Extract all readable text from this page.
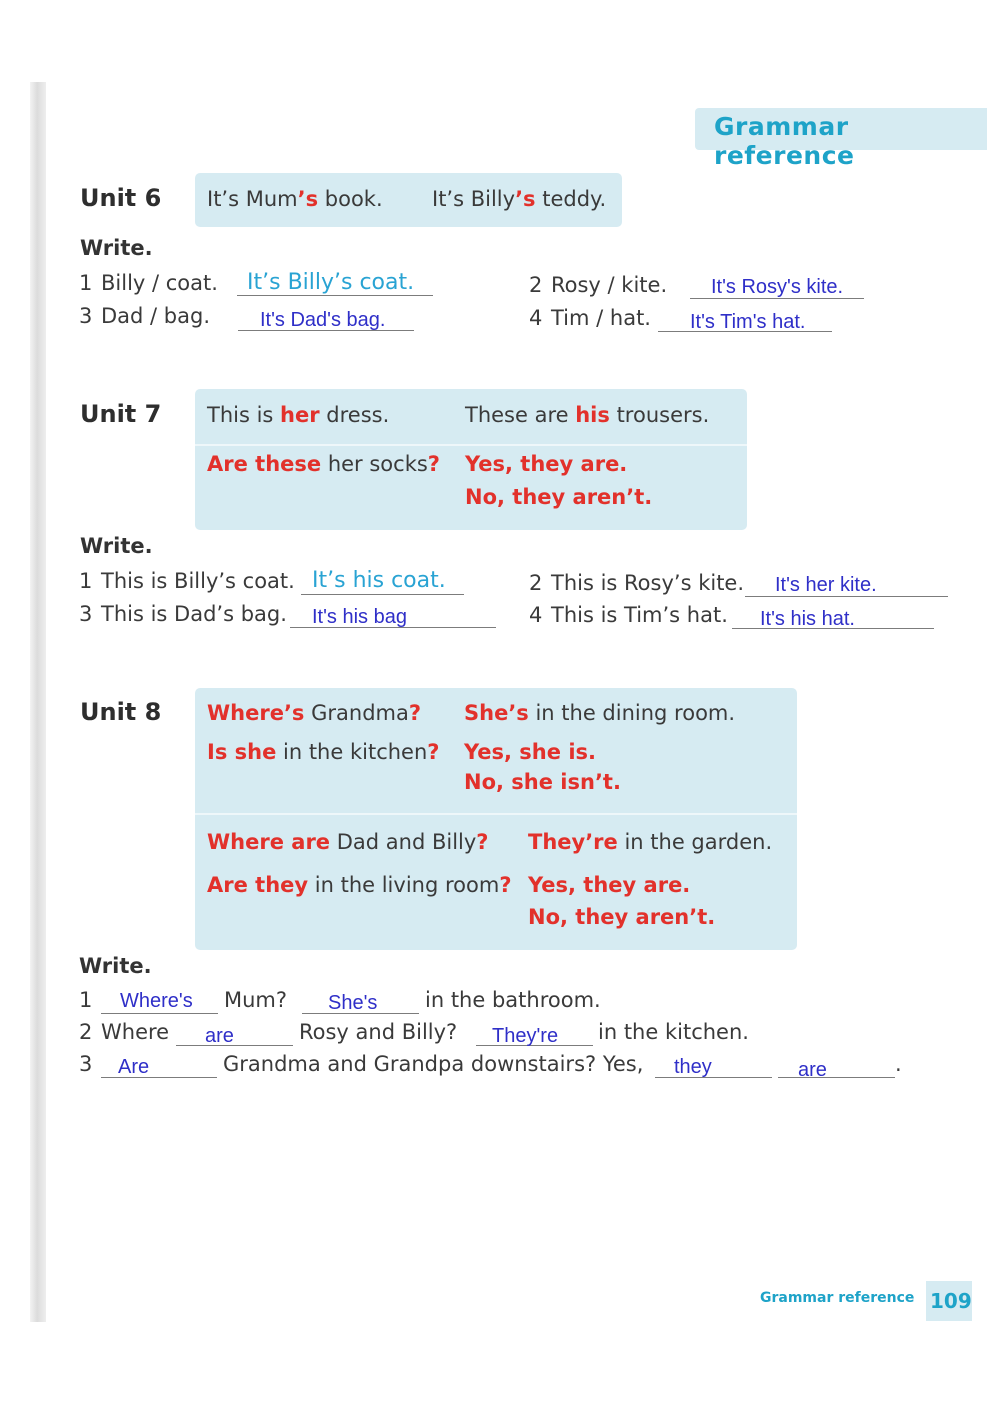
Grammar reference
Unit 6 It’s Mum’s book. It’s Billy’s teddy.
Write.
1 Billy / coat. It’s Billy’s coat.	2 Rosy / kite. It's Rosy's kite.
3 Dad / bag.	It's Dad's bag.	4 Tim / hat. It's Tim's hat.
Unit 7 This is her dress.	These are his trousers.
Are these her socks? Yes, they are.
No, they aren’t.
Write.
1 This is Billy’s coat. It’s his coat.	2 This is Rosy’s kite. It's her kite.
3 This is Dad’s bag. It's his bag	4 This is Tim’s hat. It's his hat.
Unit 8 Where’s Grandma? She’s in the dining room.
Is she in the kitchen? Yes, she is.
No, she isn’t.
Where are Dad and Billy? They’re in the garden.
Are they in the living room? Yes, they are.
No, they aren’t.
Write.
1 Where's Mum? She's in the bathroom.
2 Where are	Rosy and Billy? They're in the kitchen.
3 Are	Grandma and Grandpa downstairs? Yes, they	are	.
Grammar reference 109
